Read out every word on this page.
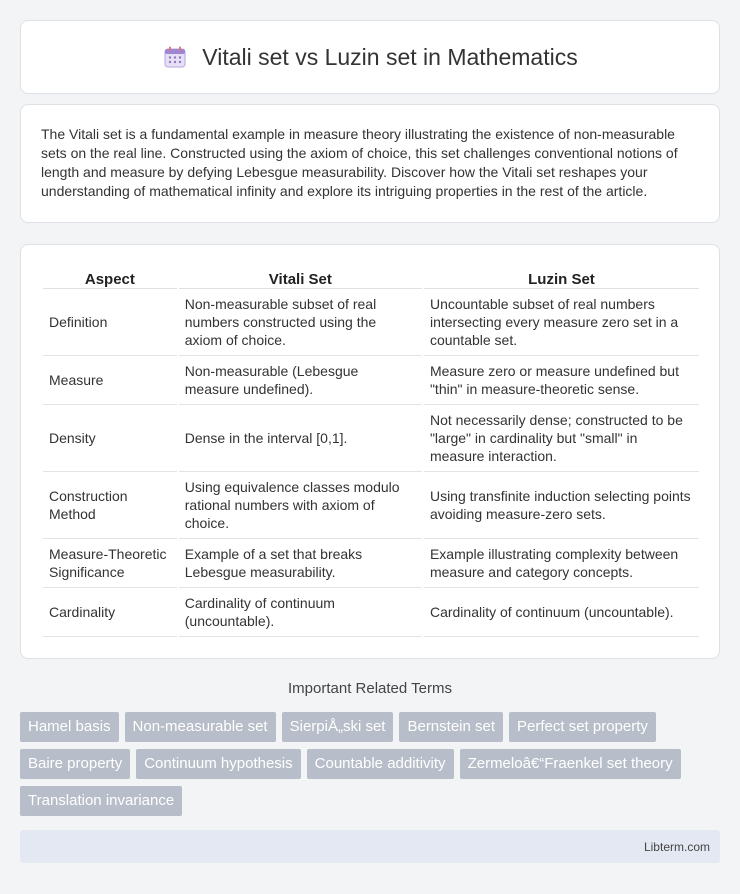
Vitali set vs Luzin set in Mathematics

The Vitali set is a fundamental example in measure theory illustrating the existence of non-measurable sets on the real line. Constructed using the axiom of choice, this set challenges conventional notions of length and measure by defying Lebesgue measurability. Discover how the Vitali set reshapes your understanding of mathematical infinity and explore its intriguing properties in the rest of the article.

Aspect	Vitali Set	Luzin Set
Definition	Non-measurable subset of real numbers constructed using the axiom of choice.	Uncountable subset of real numbers intersecting every measure zero set in a countable set.
Measure	Non-measurable (Lebesgue measure undefined).	Measure zero or measure undefined but "thin" in measure-theoretic sense.
Density	Dense in the interval [0,1].	Not necessarily dense; constructed to be "large" in cardinality but "small" in measure interaction.
Construction Method	Using equivalence classes modulo rational numbers with axiom of choice.	Using transfinite induction selecting points avoiding measure-zero sets.
Measure-Theoretic Significance	Example of a set that breaks Lebesgue measurability.	Example illustrating complexity between measure and category concepts.
Cardinality	Cardinality of continuum (uncountable).	Cardinality of continuum (uncountable).
Important Related Terms
Hamel basis	Non-measurable set	SierpiÅ„ski set	Bernstein set	Perfect set property
Baire property	Continuum hypothesis	Countable additivity	Zermeloâ€“Fraenkel set theory
Translation invariance
Libterm.com
